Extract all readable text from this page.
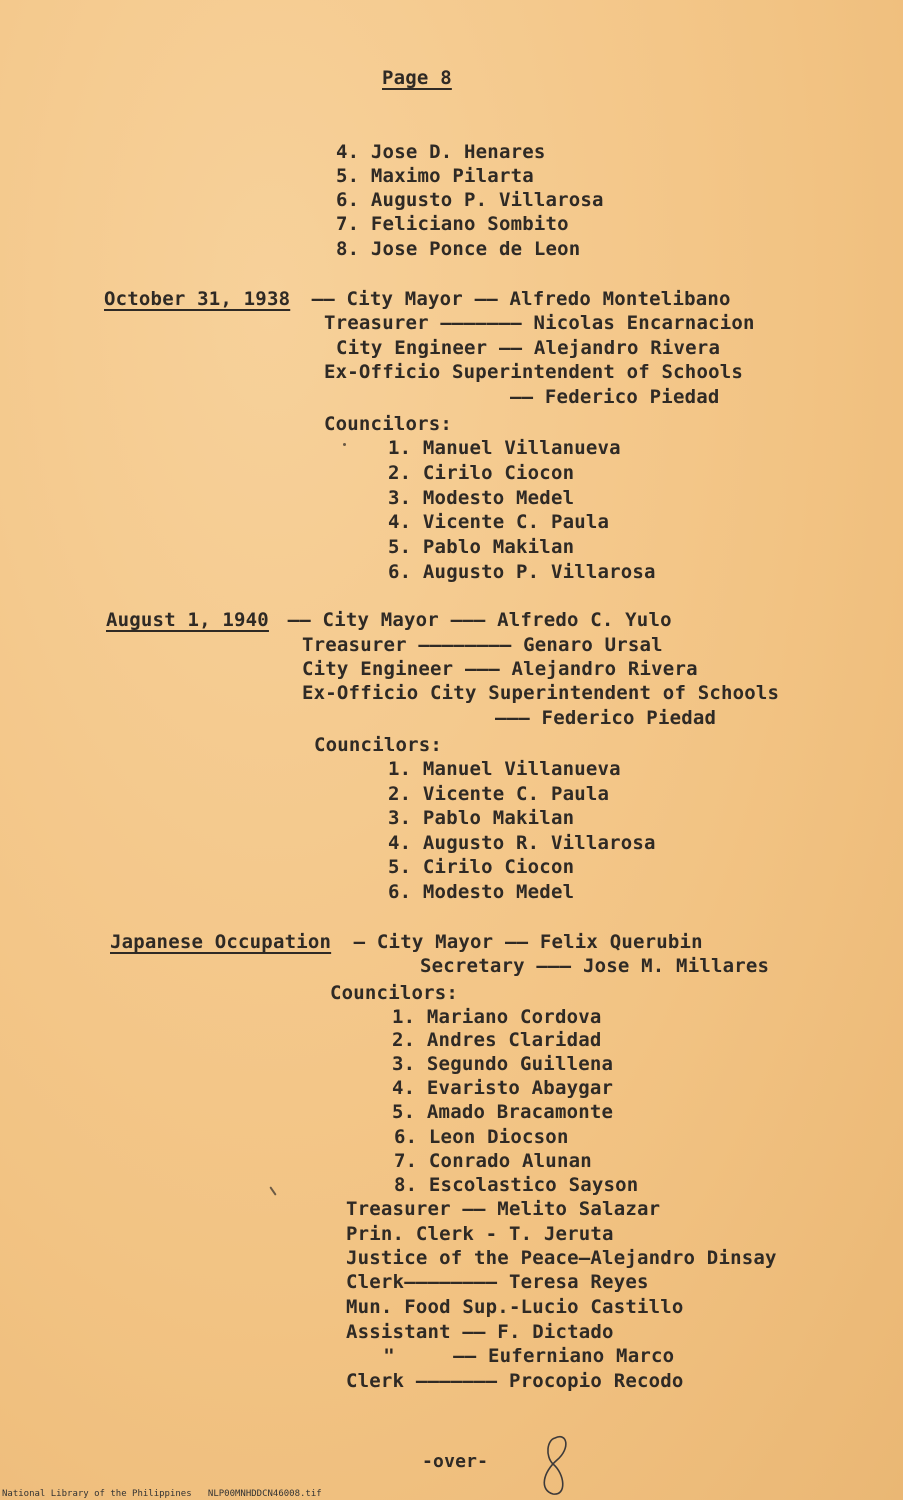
Page 8
4. Jose D. Henares
5. Maximo Pilarta
6. Augusto P. Villarosa
7. Feliciano Sombito
8. Jose Ponce de Leon
October 31, 1938 —— City Mayor —— Alfredo Montelibano
Treasurer ——————— Nicolas Encarnacion
City Engineer —— Alejandro Rivera
Ex-Officio Superintendent of Schools
—— Federico Piedad
Councilors:
1. Manuel Villanueva
2. Cirilo Ciocon
3. Modesto Medel
4. Vicente C. Paula
5. Pablo Makilan
6. Augusto P. Villarosa
August 1, 1940 —— City Mayor ——— Alfredo C. Yulo
Treasurer ———————— Genaro Ursal
City Engineer ——— Alejandro Rivera
Ex-Officio City Superintendent of Schools
——— Federico Piedad
Councilors:
1. Manuel Villanueva
2. Vicente C. Paula
3. Pablo Makilan
4. Augusto R. Villarosa
5. Cirilo Ciocon
6. Modesto Medel
Japanese Occupation — City Mayor —— Felix Querubin
Secretary ——— Jose M. Millares
Councilors:
1. Mariano Cordova
2. Andres Claridad
3. Segundo Guillena
4. Evaristo Abaygar
5. Amado Bracamonte
6. Leon Diocson
7. Conrado Alunan
8. Escolastico Sayson
Treasurer —— Melito Salazar
Prin. Clerk - T. Jeruta
Justice of the Peace—Alejandro Dinsay
Clerk———————— Teresa Reyes
Mun. Food Sup.-Lucio Castillo
Assistant —— F. Dictado
"     —— Euferniano Marco
Clerk ——————— Procopio Recodo
-over-
National Library of the Philippines   NLP00MNHDDCN46008.tif
